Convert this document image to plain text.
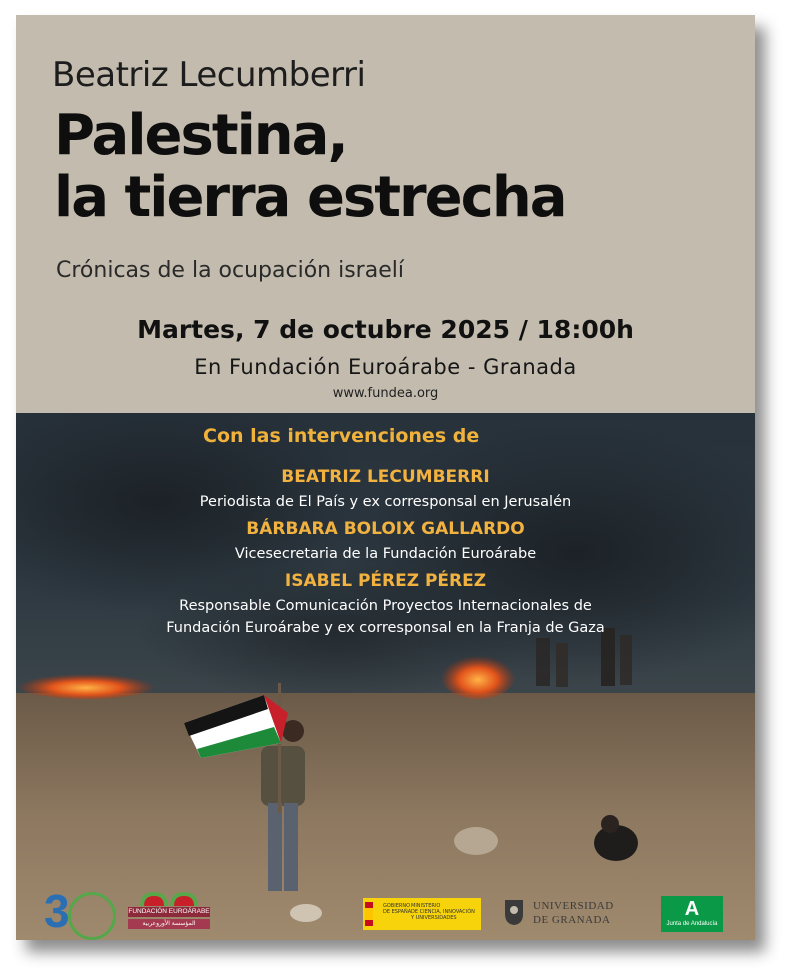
Beatriz Lecumberri
Palestina,
la tierra estrecha
Crónicas de la ocupación israelí
Martes, 7 de octubre 2025 / 18:00h
En Fundación Euroárabe - Granada
www.fundea.org
Con las intervenciones de
BEATRIZ LECUMBERRI
Periodista de El País y ex corresponsal en Jerusalén
BÁRBARA BOLOIX GALLARDO
Vicesecretaria de la Fundación Euroárabe
ISABEL PÉREZ PÉREZ
Responsable Comunicación Proyectos Internacionales de
Fundación Euroárabe y ex corresponsal en la Franja de Gaza
3	FUNDACIÓN EUROÁRABE
المؤسسة الأوروعربية
GOBIERNO
DE ESPAÑA
MINISTERIO
DE CIENCIA, INNOVACIÓN
Y UNIVERSIDADES
UNIVERSIDAD
DE GRANADA	A
Junta de Andalucía
